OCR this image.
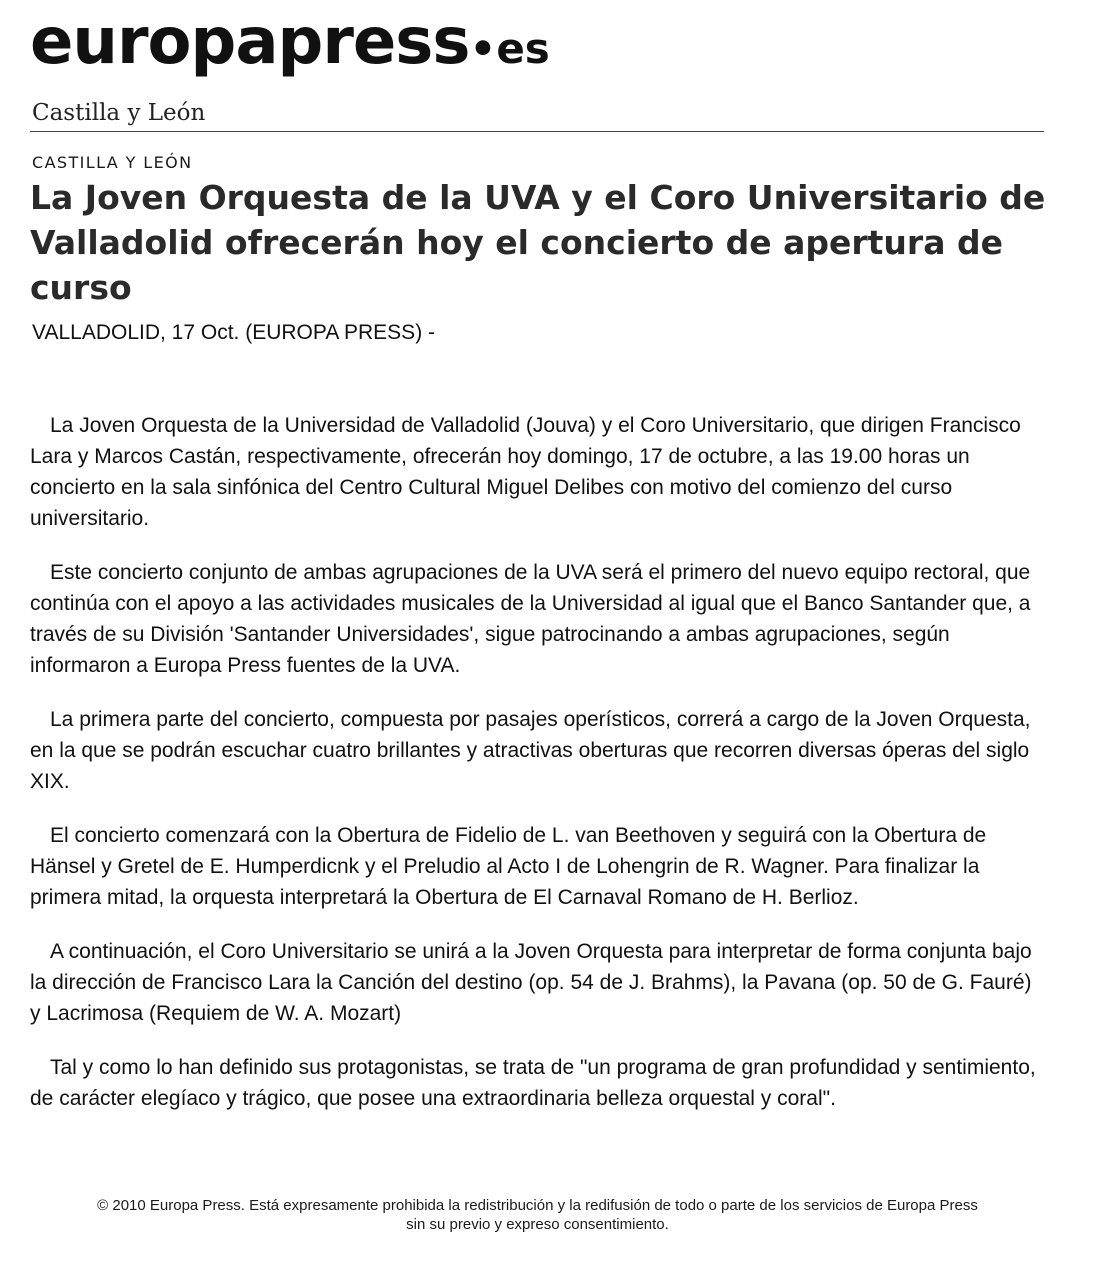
europapress•es
Castilla y León
CASTILLA Y LEÓN
La Joven Orquesta de la UVA y el Coro Universitario de Valladolid ofrecerán hoy el concierto de apertura de curso
VALLADOLID, 17 Oct. (EUROPA PRESS) -

La Joven Orquesta de la Universidad de Valladolid (Jouva) y el Coro Universitario, que dirigen Francisco Lara y Marcos Castán, respectivamente, ofrecerán hoy domingo, 17 de octubre, a las 19.00 horas un concierto en la sala sinfónica del Centro Cultural Miguel Delibes con motivo del comienzo del curso universitario.

Este concierto conjunto de ambas agrupaciones de la UVA será el primero del nuevo equipo rectoral, que continúa con el apoyo a las actividades musicales de la Universidad al igual que el Banco Santander que, a través de su División 'Santander Universidades', sigue patrocinando a ambas agrupaciones, según informaron a Europa Press fuentes de la UVA.

La primera parte del concierto, compuesta por pasajes operísticos, correrá a cargo de la Joven Orquesta, en la que se podrán escuchar cuatro brillantes y atractivas oberturas que recorren diversas óperas del siglo XIX.

El concierto comenzará con la Obertura de Fidelio de L. van Beethoven y seguirá con la Obertura de Hänsel y Gretel de E. Humperdicnk y el Preludio al Acto I de Lohengrin de R. Wagner. Para finalizar la primera mitad, la orquesta interpretará la Obertura de El Carnaval Romano de H. Berlioz.

A continuación, el Coro Universitario se unirá a la Joven Orquesta para interpretar de forma conjunta bajo la dirección de Francisco Lara la Canción del destino (op. 54 de J. Brahms), la Pavana (op. 50 de G. Fauré) y Lacrimosa (Requiem de W. A. Mozart)

Tal y como lo han definido sus protagonistas, se trata de "un programa de gran profundidad y sentimiento, de carácter elegíaco y trágico, que posee una extraordinaria belleza orquestal y coral".

© 2010 Europa Press. Está expresamente prohibida la redistribución y la redifusión de todo o parte de los servicios de Europa Press
sin su previo y expreso consentimiento.
